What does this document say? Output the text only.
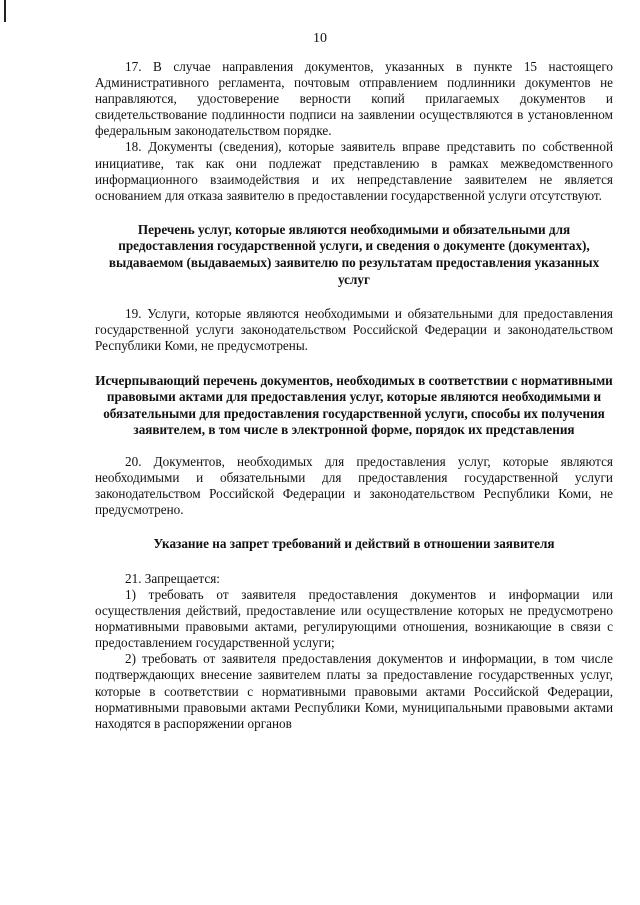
10

17. В случае направления документов, указанных в пункте 15 настоящего Административного регламента, почтовым отправлением подлинники документов не направляются, удостоверение верности копий прилагаемых документов и свидетельствование подлинности подписи на заявлении осуществляются в установленном федеральным законодательством порядке.

18. Документы (сведения), которые заявитель вправе представить по собственной инициативе, так как они подлежат представлению в рамках межведомственного информационного взаимодействия и их непредставление заявителем не является основанием для отказа заявителю в предоставлении государственной услуги отсутствуют.

Перечень услуг, которые являются необходимыми и обязательными для предоставления государственной услуги, и сведения о документе (документах), выдаваемом (выдаваемых) заявителю по результатам предоставления указанных услуг

19. Услуги, которые являются необходимыми и обязательными для предоставления государственной услуги законодательством Российской Федерации и законодательством Республики Коми, не предусмотрены.

Исчерпывающий перечень документов, необходимых в соответствии с нормативными правовыми актами для предоставления услуг, которые являются необходимыми и обязательными для предоставления государственной услуги, способы их получения заявителем, в том числе в электронной форме, порядок их представления

20. Документов, необходимых для предоставления услуг, которые являются необходимыми и обязательными для предоставления государственной услуги законодательством Российской Федерации и законодательством Республики Коми, не предусмотрено.

Указание на запрет требований и действий в отношении заявителя

21. Запрещается:

1) требовать от заявителя предоставления документов и информации или осуществления действий, предоставление или осуществление которых не предусмотрено нормативными правовыми актами, регулирующими отношения, возникающие в связи с предоставлением государственной услуги;

2) требовать от заявителя предоставления документов и информации, в том числе подтверждающих внесение заявителем платы за предоставление государственных услуг, которые в соответствии с нормативными правовыми актами Российской Федерации, нормативными правовыми актами Республики Коми, муниципальными правовыми актами находятся в распоряжении органов
